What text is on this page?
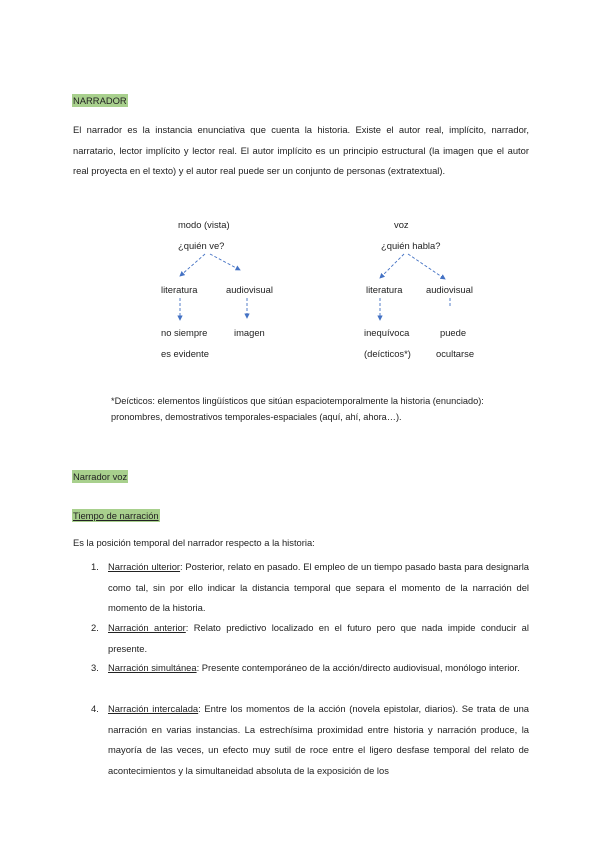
NARRADOR

El narrador es la instancia enunciativa que cuenta la historia. Existe el autor real, implícito, narrador, narratario, lector implícito y lector real. El autor implícito es un principio estructural (la imagen que el autor real proyecta en el texto) y el autor real puede ser un conjunto de personas (extratextual).

modo (vista)
¿quién ve?
literatura	audiovisual
no siempre
es evidente
imagen
voz
¿quién habla?
literatura	audiovisual
inequívoca
(deícticos*)
puede
ocultarse

*Deícticos: elementos lingüísticos que sitúan espaciotemporalmente la historia (enunciado): pronombres, demostrativos temporales-espaciales (aquí, ahí, ahora…).

Narrador voz
Tiempo de narración
Es la posición temporal del narrador respecto a la historia:
1. Narración ulterior: Posterior, relato en pasado. El empleo de un tiempo pasado basta para designarla como tal, sin por ello indicar la distancia temporal que separa el momento de la narración del momento de la historia.

2. Narración anterior: Relato predictivo localizado en el futuro pero que nada impide conducir al presente.

3. Narración simultánea: Presente contemporáneo de la acción/directo audiovisual, monólogo interior.

4. Narración intercalada: Entre los momentos de la acción (novela epistolar, diarios). Se trata de una narración en varias instancias. La estrechísima proximidad entre historia y narración produce, la mayoría de las veces, un efecto muy sutil de roce entre el ligero desfase temporal del relato de acontecimientos y la simultaneidad absoluta de la exposición de los
